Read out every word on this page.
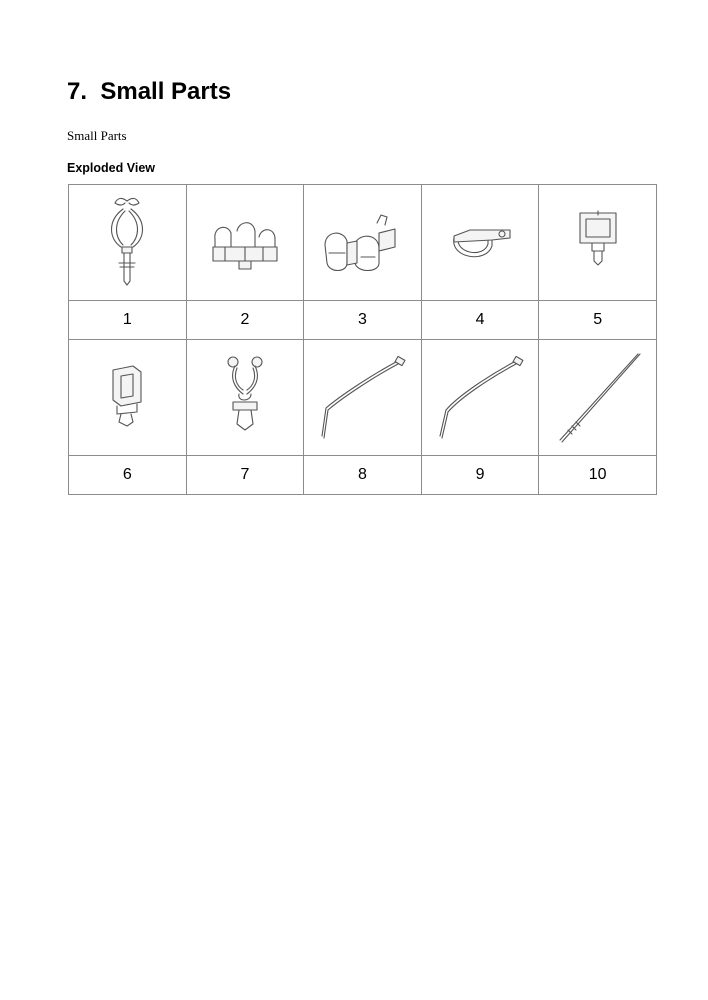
7.  Small Parts

Small Parts

Exploded View

1	2	3	4	5

6	7	8	9	10
